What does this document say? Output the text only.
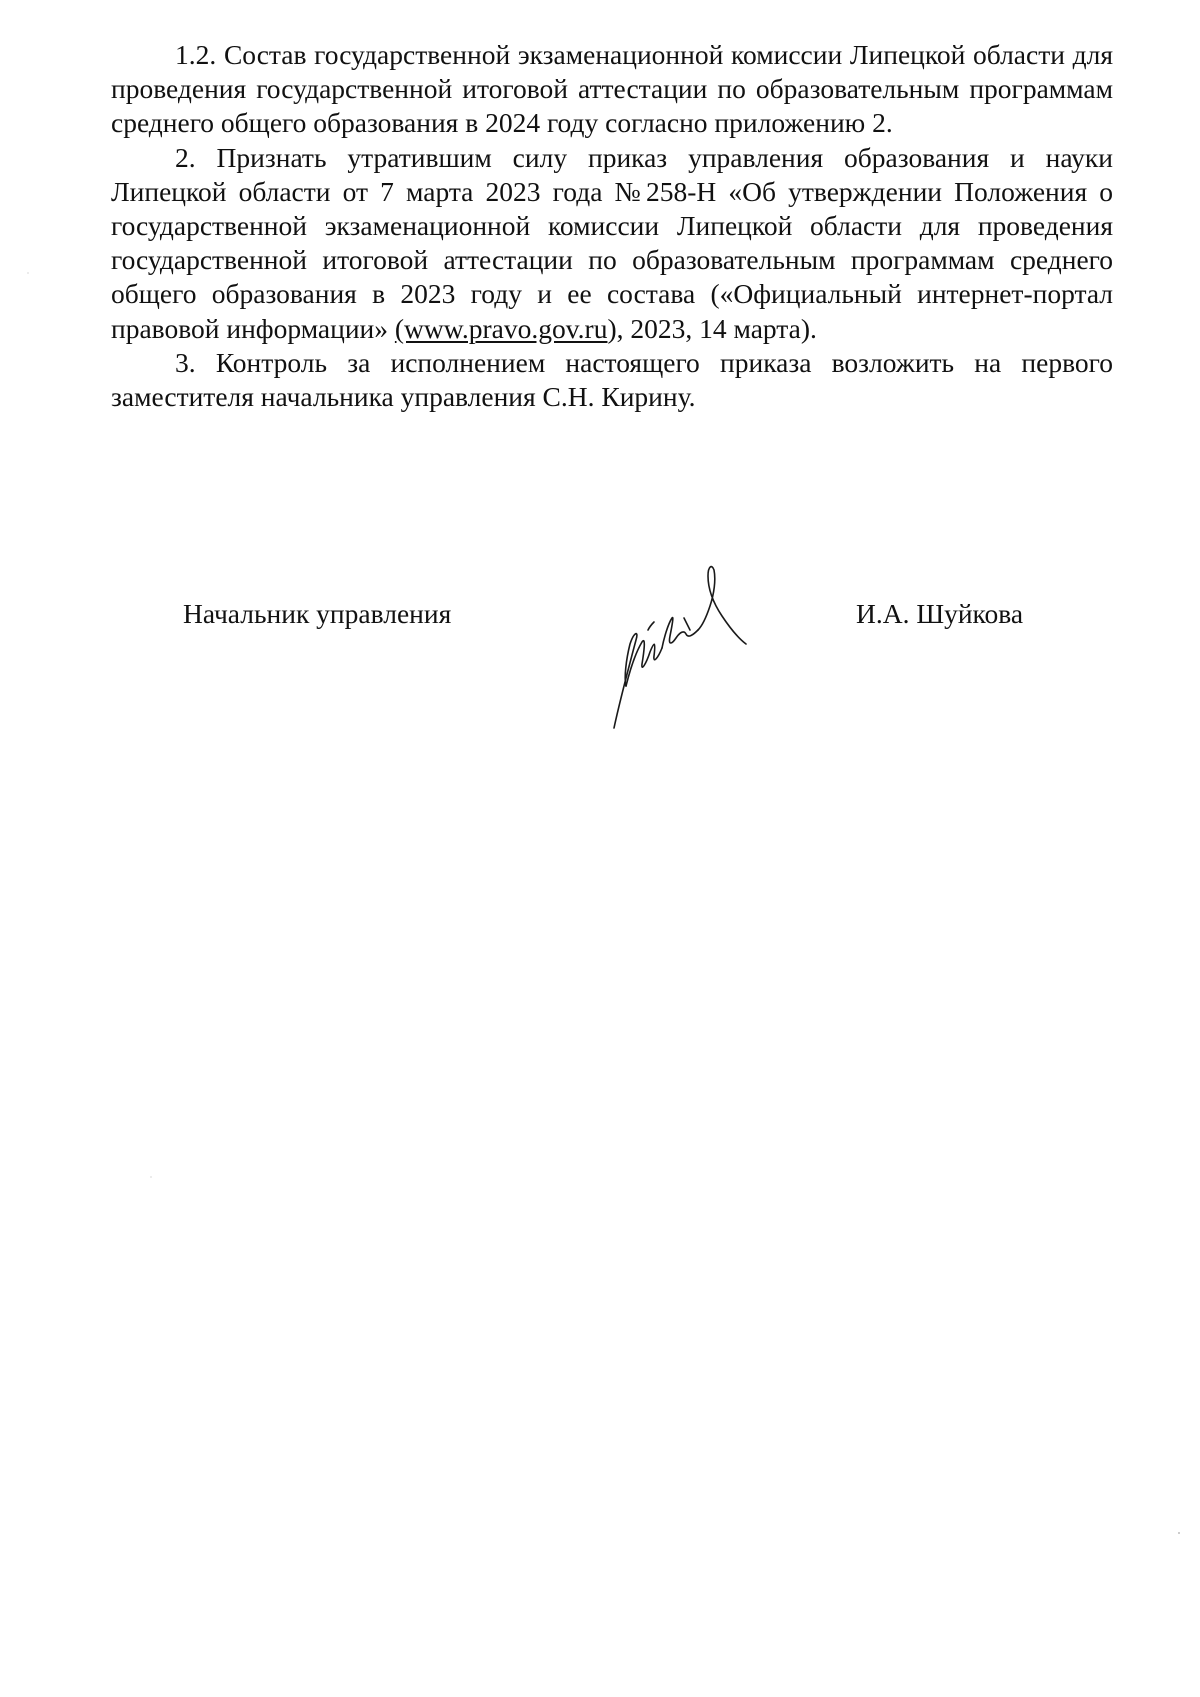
1.2. Состав государственной экзаменационной комиссии Липецкой области для проведения государственной итоговой аттестации по образовательным программам среднего общего образования в 2024 году согласно приложению 2.

2. Признать утратившим силу приказ управления образования и науки Липецкой области от 7 марта 2023 года №258-Н «Об утверждении Положения о государственной экзаменационной комиссии Липецкой области для проведения государственной итоговой аттестации по образовательным программам среднего общего образования в 2023 году и ее состава («Официальный интернет-портал правовой информации» (www.pravo.gov.ru), 2023, 14 марта).

3. Контроль за исполнением настоящего приказа возложить на первого заместителя начальника управления С.Н. Кирину.

Начальник управления	И.А. Шуйкова
